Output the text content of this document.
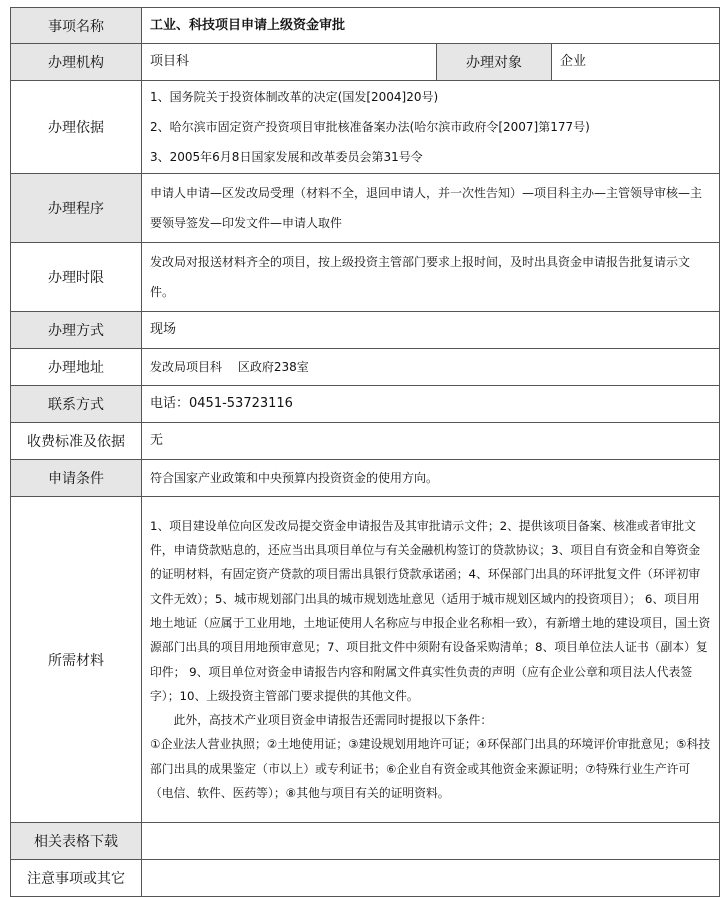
事项名称	工业、科技项目申请上级资金审批		
办理机构	项目科	办理对象	企业
办理依据	1、国务院关于投资体制改革的决定(国发[2004]20号)
2、哈尔滨市固定资产投资项目审批核准备案办法(哈尔滨市政府令[2007]第177号)
3、2005年6月8日国家发展和改革委员会第31号令		

办理程序	申请人申请—区发改局受理（材料不全，退回申请人，并一次性告知）—项目科主办—主管领导审核—主要领导签发—印发文件—申请人取件		
办理时限	发改局对报送材料齐全的项目，按上级投资主管部门要求上报时间，及时出具资金申请报告批复请示文件。		
办理方式	现场		
办理地址	发改局项目科　 区政府238室		
联系方式	电话：0451-53723116		
收费标准及依据	无		
申请条件	符合国家产业政策和中央预算内投资资金的使用方向。		
所需材料	1、项目建设单位向区发改局提交资金申请报告及其审批请示文件；2、提供该项目备案、核准或者审批文件，申请贷款贴息的，还应当出具项目单位与有关金融机构签订的贷款协议；3、项目自有资金和自筹资金的证明材料，有固定资产贷款的项目需出具银行贷款承诺函；4、环保部门出具的环评批复文件（环评初审文件无效）；5、城市规划部门出具的城市规划选址意见（适用于城市规划区域内的投资项目）； 6、项目用地土地证（应属于工业用地，土地证使用人名称应与申报企业名称相一致），有新增土地的建设项目，国土资源部门出具的项目用地预审意见；7、项目批文件中须附有设备采购清单；8、项目单位法人证书（副本）复印件； 9、项目单位对资金申请报告内容和附属文件真实性负责的声明（应有企业公章和项目法人代表签字）；10、上级投资主管部门要求提供的其他文件。

此外，高技术产业项目资金申请报告还需同时提报以下条件：

①企业法人营业执照；②土地使用证；③建设规划用地许可证；④环保部门出具的环境评价审批意见；⑤科技部门出具的成果鉴定（市以上）或专利证书；⑥企业自有资金或其他资金来源证明；⑦特殊行业生产许可（电信、软件、医药等）；⑧其他与项目有关的证明资料。		

相关表格下载			
注意事项或其它			
